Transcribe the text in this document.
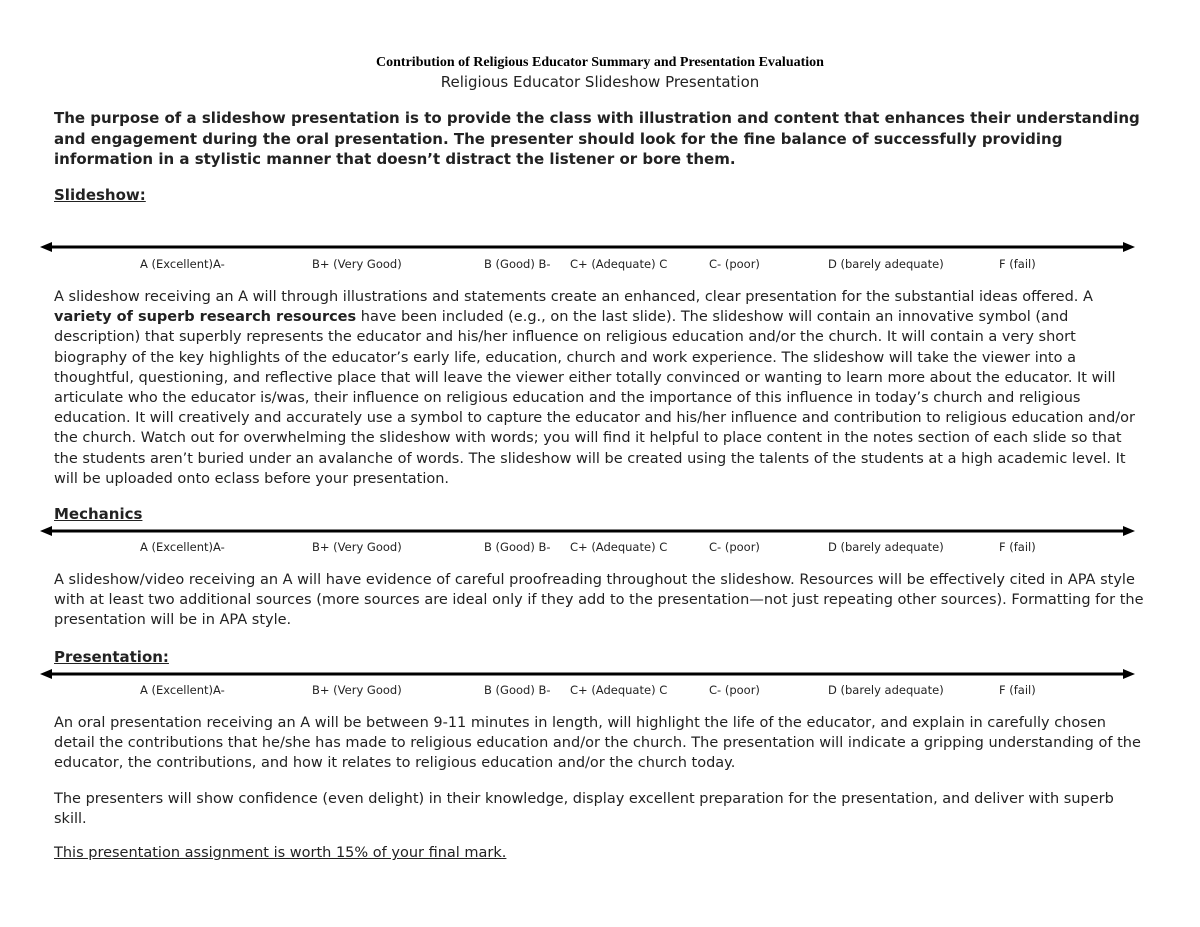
Contribution of Religious Educator Summary and Presentation Evaluation
Religious Educator Slideshow Presentation
The purpose of a slideshow presentation is to provide the class with illustration and content that enhances their understanding and engagement during the oral presentation. The presenter should look for the fine balance of successfully providing information in a stylistic manner that doesn’t distract the listener or bore them.
Slideshow:
A (Excellent)A-	B+ (Very Good)	B (Good) B- C+ (Adequate) C	C- (poor)	D (barely adequate)	F (fail)
A slideshow receiving an A will through illustrations and statements create an enhanced, clear presentation for the substantial ideas offered. A variety of superb research resources have been included (e.g., on the last slide). The slideshow will contain an innovative symbol (and description) that superbly represents the educator and his/her influence on religious education and/or the church. It will contain a very short biography of the key highlights of the educator’s early life, education, church and work experience. The slideshow will take the viewer into a thoughtful, questioning, and reflective place that will leave the viewer either totally convinced or wanting to learn more about the educator. It will articulate who the educator is/was, their influence on religious education and the importance of this influence in today’s church and religious education. It will creatively and accurately use a symbol to capture the educator and his/her influence and contribution to religious education and/or the church. Watch out for overwhelming the slideshow with words; you will find it helpful to place content in the notes section of each slide so that the students aren’t buried under an avalanche of words. The slideshow will be created using the talents of the students at a high academic level. It will be uploaded onto eclass before your presentation.
Mechanics
A (Excellent)A-	B+ (Very Good)	B (Good) B- C+ (Adequate) C	C- (poor)	D (barely adequate)	F (fail)
A slideshow/video receiving an A will have evidence of careful proofreading throughout the slideshow. Resources will be effectively cited in APA style with at least two additional sources (more sources are ideal only if they add to the presentation—not just repeating other sources). Formatting for the presentation will be in APA style.
Presentation:
A (Excellent)A-	B+ (Very Good)	B (Good) B- C+ (Adequate) C	C- (poor)	D (barely adequate)	F (fail)
An oral presentation receiving an A will be between 9-11 minutes in length, will highlight the life of the educator, and explain in carefully chosen detail the contributions that he/she has made to religious education and/or the church. The presentation will indicate a gripping understanding of the educator, the contributions, and how it relates to religious education and/or the church today.
The presenters will show confidence (even delight) in their knowledge, display excellent preparation for the presentation, and deliver with superb skill.
This presentation assignment is worth 15% of your final mark.
